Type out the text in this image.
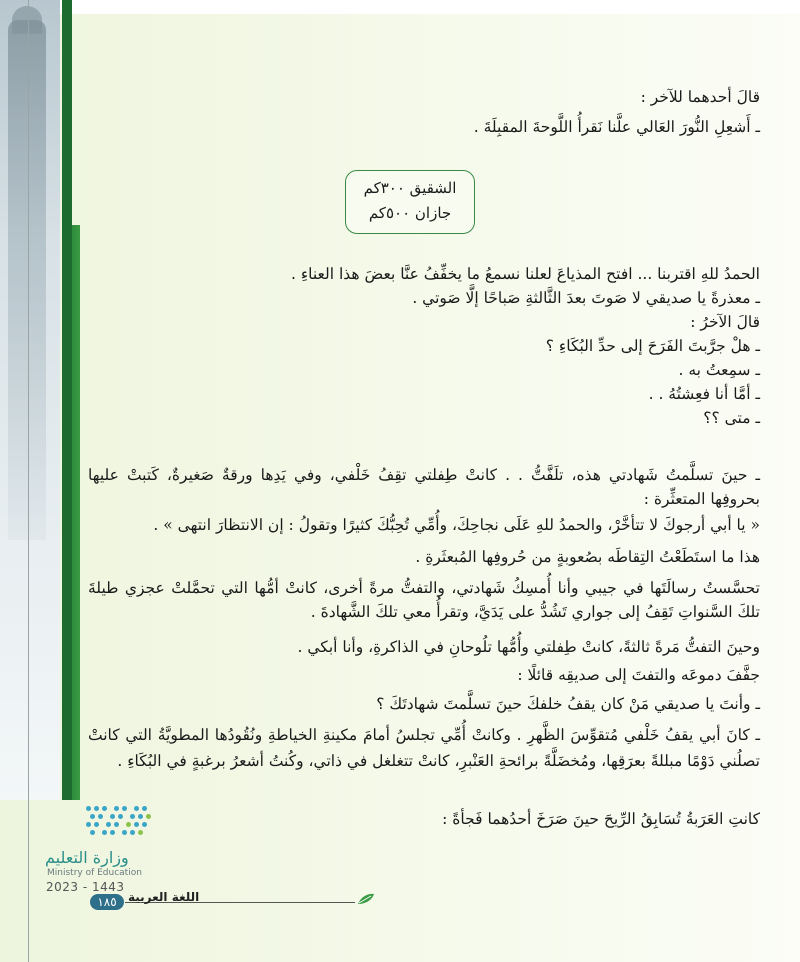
قالَ أحدهما للآخر :
ـ أَشعِلِ النُّورَ العَالي علَّنا نَقرأُ اللَّوحةَ المقبِلَةَ .
الشقيق ٣٠٠كم
جازان ٥٠٠كم
الحمدُ للهِ اقتربنا ... افتح المذياعَ لعلنا نسمعُ ما يخفِّفُ عنَّا بعضَ هذا العناءِ .
ـ معذرةً يا صديقي لا صَوتَ بعدَ الثَّالثةِ صَباحًا إلَّا صَوتي .
قالَ الآخرُ :
ـ هلْ جرَّبتَ الفَرَحَ إلى حدِّ البُكَاءِ ؟
ـ سمِعتُ به .
ـ أمَّا أنا فعِشتُهُ . .
ـ متى ؟؟
ـ حينَ تسلَّمتُ شَهادتي هذه، تلَفَّتُّ . . كانتْ طِفلتي تقِفُ خَلْفي، وفي يَدِها ورقةٌ صَغيرةٌ، كَتبتْ عليها بحروفِها المتعثِّرة :
« يا أبي أرجوكَ لا تتأخَّرْ، والحمدُ للهِ عَلَى نجاحِكَ، وأُمِّي تُحِبُّكَ كثيرًا وتقولُ : إن الانتظارَ انتهى » .
هذا ما استَطَعْتُ التِقاطَه بصُعوبةٍ من حُروفِها المُبعثَرةِ .
تحسَّستُ رسالَتَها في جيبي وأنا أُمسِكُ شَهادتي، والتفتُّ مرةً أخرى، كانتْ أمُّها التي تحمَّلتْ عجزي طيلةَ تلكَ السَّنواتِ تَقِفُ إلى جواري تَشُدُّ على يَدَيَّ، وتقرأُ معي تلكَ الشَّهادةَ .
وحينَ التفتُّ مَرةً ثالثةً، كانتْ طِفلتي وأُمُّها تلُوحانِ في الذاكرةِ، وأنا أبكي .
جفَّفَ دموعَه والتفتَ إلى صديقِه قائلًا :
ـ وأنتَ يا صديقي مَنْ كان يقفُ خلفكَ حينَ تسلَّمتَ شهادتَكَ ؟
ـ كانَ أبي يقفُ خَلْفي مُتقوِّسَ الظَّهرِ . وكانتْ أُمِّي تجلسُ أمامَ مكينةِ الخياطةِ ونُقُودُها المطويَّةُ التي كانتْ تصلُني دَوْمًا مبللةً بعرَقِها، ومُخضَلَّةً برائحةِ العَنْبرِ، كانتْ تتغلغل في ذاتي، وكُنتُ أشعرُ برغبةٍ في البُكَاءِ .
كانتِ العَرَبةُ تُسَابِقُ الرِّيحَ حينَ صَرَخَ أحدُهما فَجأةً :
وزارة التعليم
Ministry of Education
2023 - 1443
١٨٥ اللغة العربية
